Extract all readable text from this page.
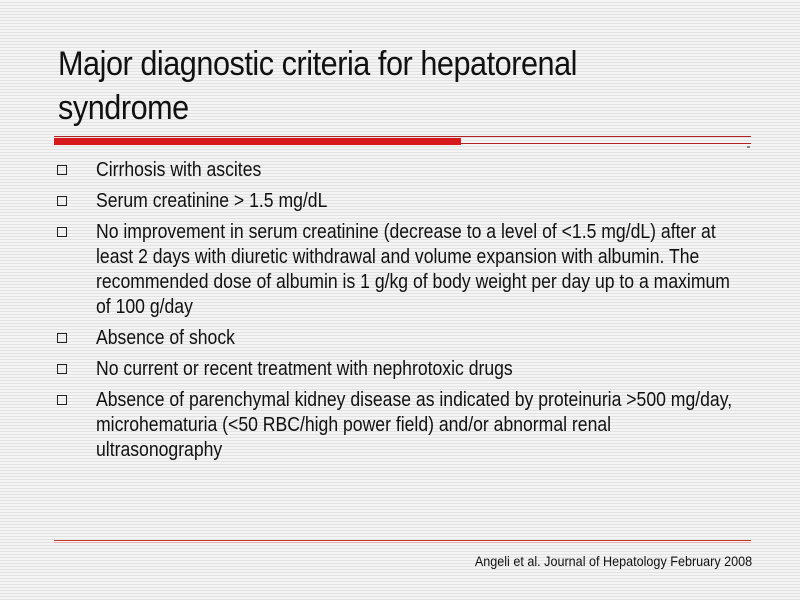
Major diagnostic criteria for hepatorenal syndrome
Cirrhosis with ascites
Serum creatinine > 1.5 mg/dL
No improvement in serum creatinine (decrease to a level of <1.5 mg/dL) after at least 2 days with diuretic withdrawal and volume expansion with albumin. The recommended dose of albumin is 1 g/kg of body weight per day up to a maximum of 100 g/day
Absence of shock
No current or recent treatment with nephrotoxic drugs
Absence of parenchymal kidney disease as indicated by proteinuria >500 mg/day, microhematuria (<50 RBC/high power field) and/or abnormal renal ultrasonography
Angeli et al. Journal of Hepatology February 2008
